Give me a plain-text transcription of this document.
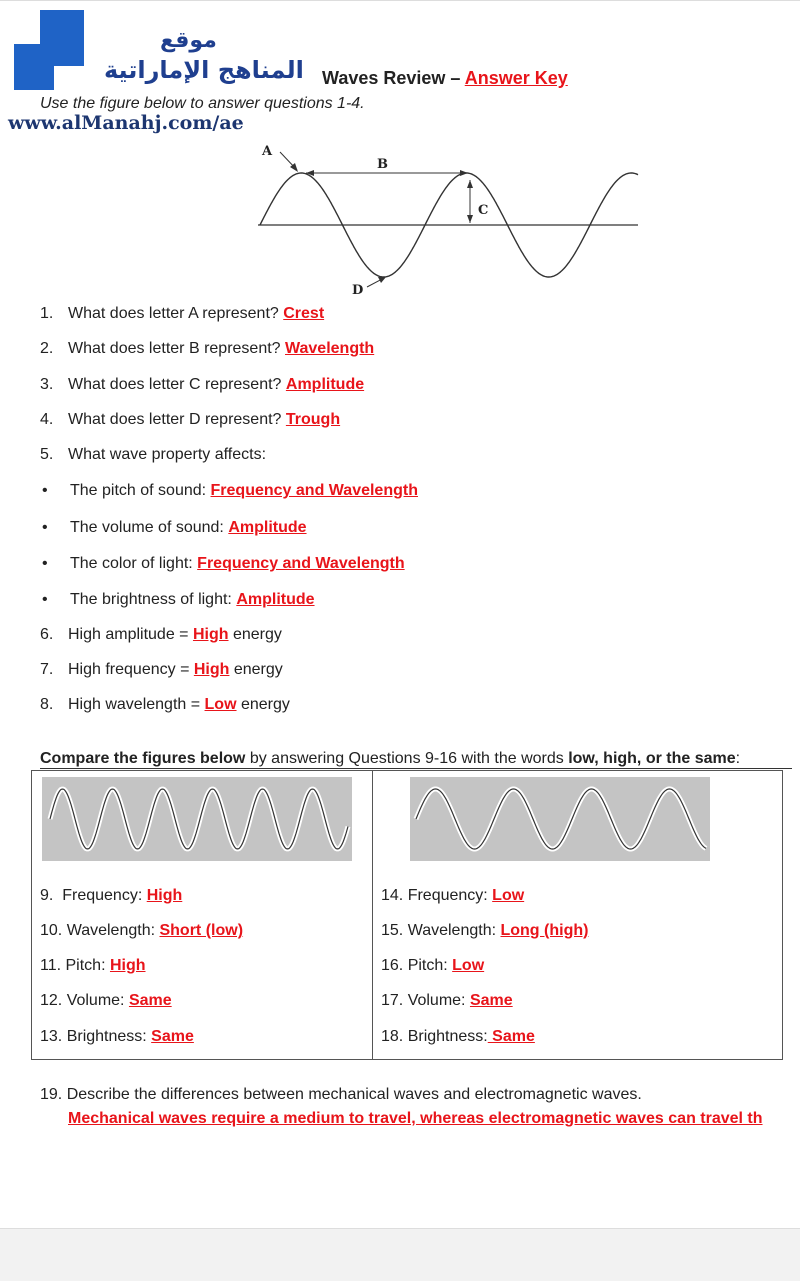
موقع
المناهج الإماراتية
www.alManahj.com/ae
Waves Review – Answer Key
Use the figure below to answer questions 1-4.
A
B
C
D
1. What does letter A represent? Crest
2. What does letter B represent? Wavelength
3. What does letter C represent? Amplitude
4. What does letter D represent? Trough
5. What wave property affects:
• The pitch of sound: Frequency and Wavelength
• The volume of sound: Amplitude
• The color of light: Frequency and Wavelength
• The brightness of light: Amplitude
6. High amplitude = High energy
7. High frequency = High energy
8. High wavelength = Low energy
Compare the figures below by answering Questions 9-16 with the words low, high, or the same:
9.  Frequency: High
10. Wavelength: Short (low)
11. Pitch: High
12. Volume: Same
13. Brightness: Same
14. Frequency: Low
15. Wavelength: Long (high)
16. Pitch: Low
17. Volume: Same
18. Brightness: Same
19. Describe the differences between mechanical waves and electromagnetic waves.
Mechanical waves require a medium to travel, whereas electromagnetic waves can travel th
